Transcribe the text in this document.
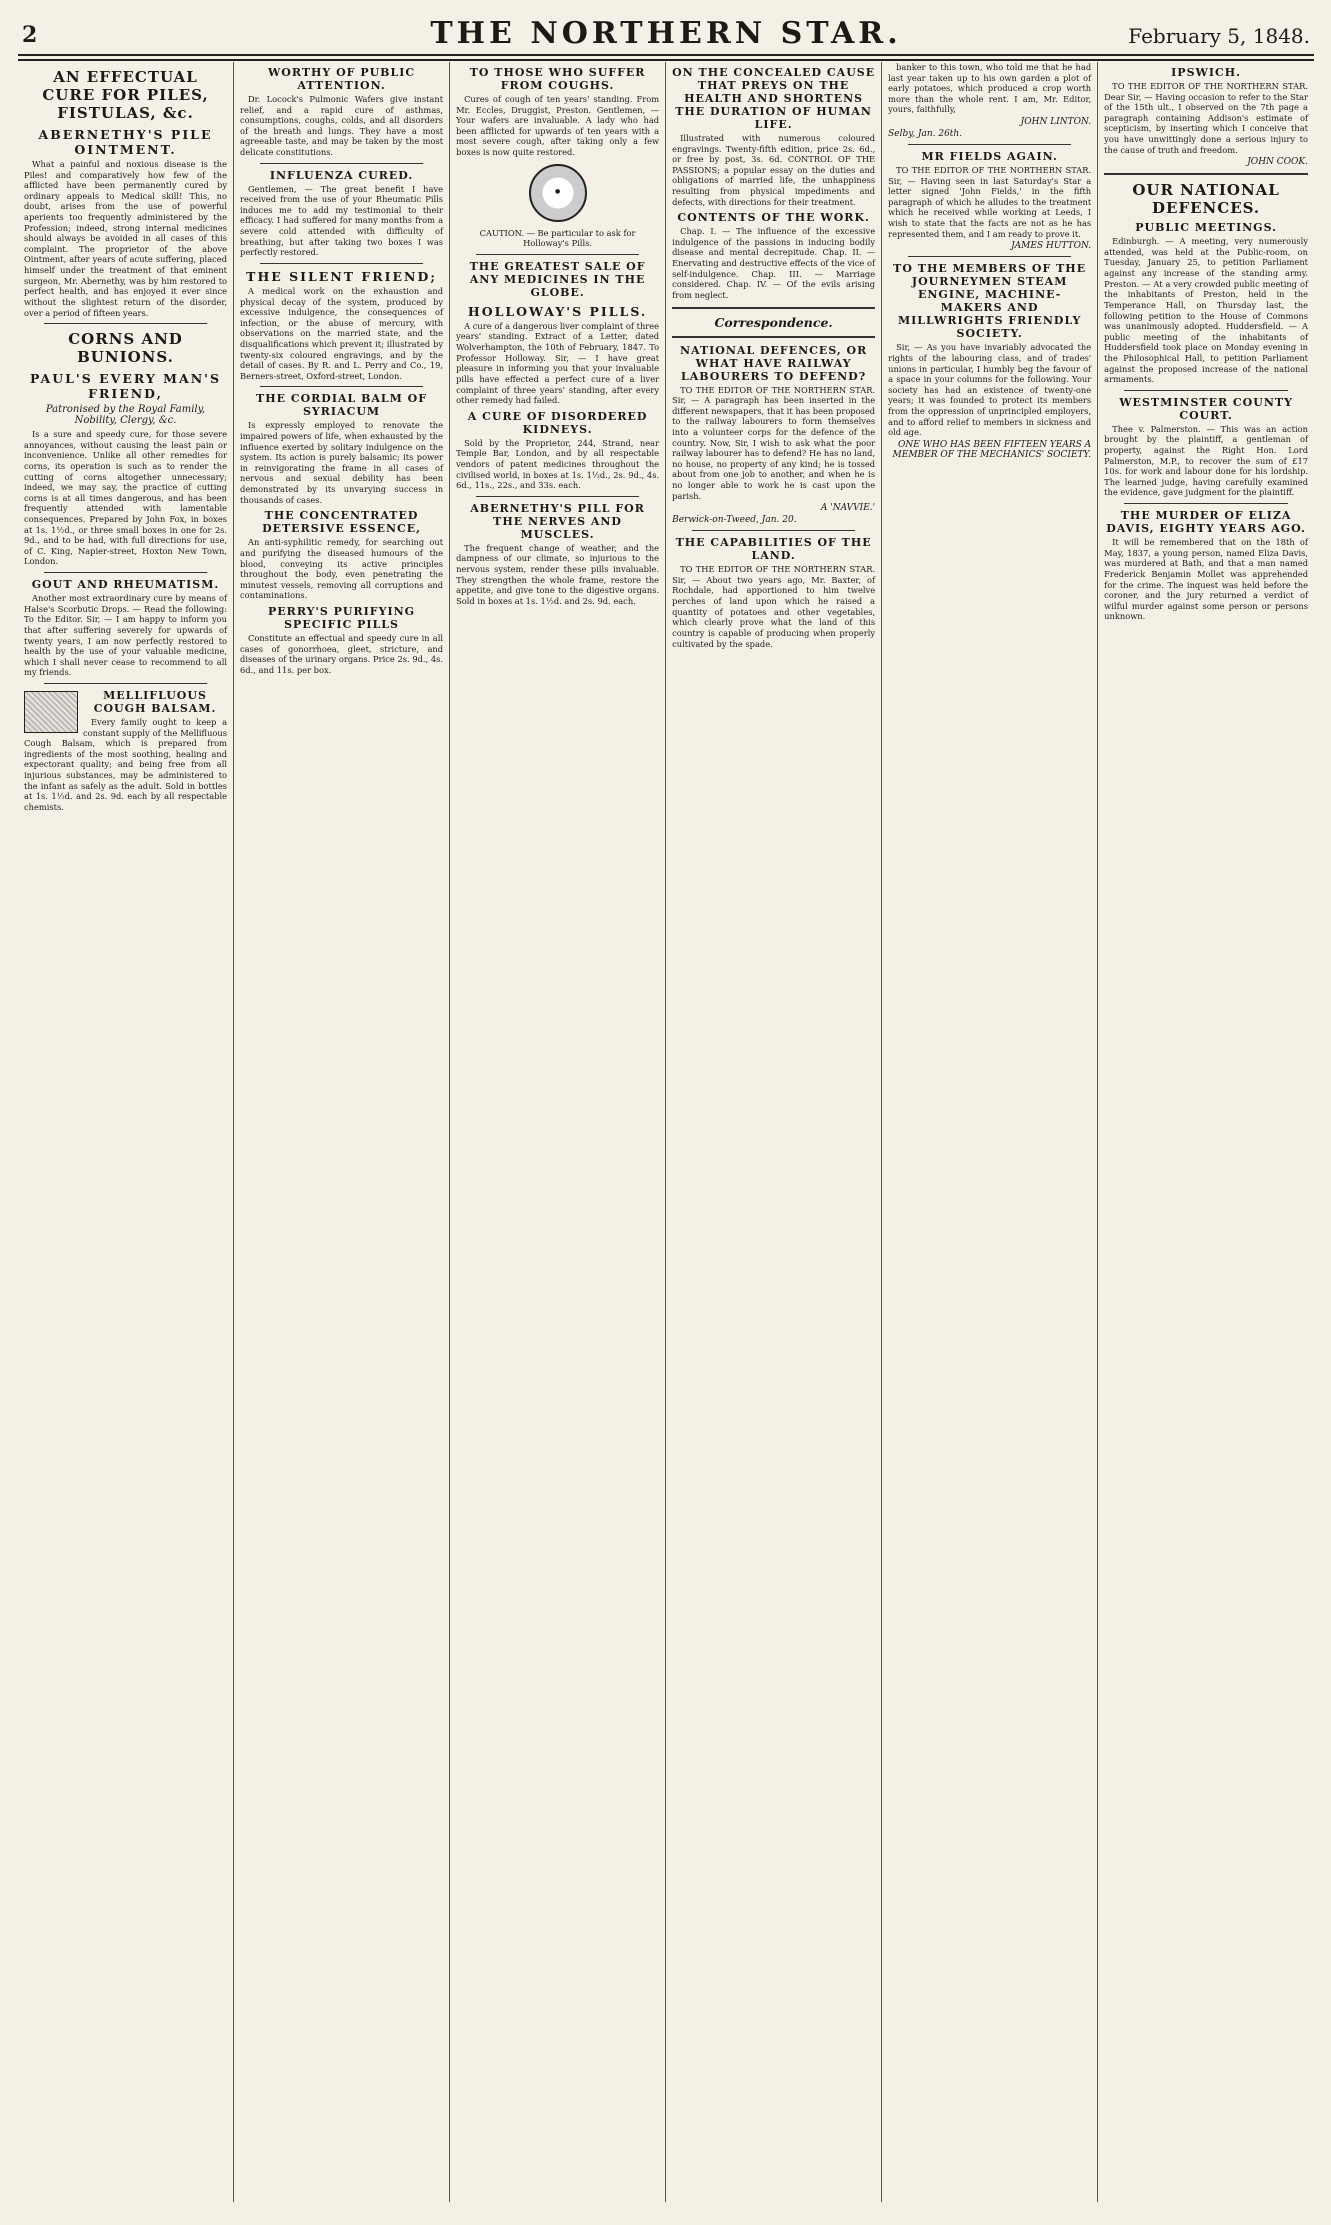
2	THE NORTHERN STAR.	February 5, 1848.
AN EFFECTUAL CURE FOR PILES, FISTULAS, &c.
ABERNETHY'S PILE OINTMENT.

What a painful and noxious disease is the Piles! and comparatively how few of the afflicted have been permanently cured by ordinary appeals to Medical skill! This, no doubt, arises from the use of powerful aperients too frequently administered by the Profession; indeed, strong internal medicines should always be avoided in all cases of this complaint. The proprietor of the above Ointment, after years of acute suffering, placed himself under the treatment of that eminent surgeon, Mr. Abernethy, was by him restored to perfect health, and has enjoyed it ever since without the slightest return of the disorder, over a period of fifteen years.

CORNS AND BUNIONS.
PAUL'S EVERY MAN'S FRIEND,
Patronised by the Royal Family, Nobility, Clergy, &c.

Is a sure and speedy cure, for those severe annoyances, without causing the least pain or inconvenience. Unlike all other remedies for corns, its operation is such as to render the cutting of corns altogether unnecessary; indeed, we may say, the practice of cutting corns is at all times dangerous, and has been frequently attended with lamentable consequences. Prepared by John Fox, in boxes at 1s. 1½d., or three small boxes in one for 2s. 9d., and to be had, with full directions for use, of C. King, Napier-street, Hoxton New Town, London.

GOUT AND RHEUMATISM.

Another most extraordinary cure by means of Halse's Scorbutic Drops. — Read the following: To the Editor. Sir, — I am happy to inform you that after suffering severely for upwards of twenty years, I am now perfectly restored to health by the use of your valuable medicine, which I shall never cease to recommend to all my friends.

MELLIFLUOUS COUGH BALSAM.

Every family ought to keep a constant supply of the Mellifluous Cough Balsam, which is prepared from ingredients of the most soothing, healing and expectorant quality; and being free from all injurious substances, may be administered to the infant as safely as the adult. Sold in bottles at 1s. 1½d. and 2s. 9d. each by all respectable chemists.

WORTHY OF PUBLIC ATTENTION.

Dr. Locock's Pulmonic Wafers give instant relief, and a rapid cure of asthmas, consumptions, coughs, colds, and all disorders of the breath and lungs. They have a most agreeable taste, and may be taken by the most delicate constitutions.

INFLUENZA CURED.

Gentlemen, — The great benefit I have received from the use of your Rheumatic Pills induces me to add my testimonial to their efficacy. I had suffered for many months from a severe cold attended with difficulty of breathing, but after taking two boxes I was perfectly restored.

THE SILENT FRIEND;

A medical work on the exhaustion and physical decay of the system, produced by excessive indulgence, the consequences of infection, or the abuse of mercury, with observations on the married state, and the disqualifications which prevent it; illustrated by twenty-six coloured engravings, and by the detail of cases. By R. and L. Perry and Co., 19, Berners-street, Oxford-street, London.

THE CORDIAL BALM OF SYRIACUM

Is expressly employed to renovate the impaired powers of life, when exhausted by the influence exerted by solitary indulgence on the system. Its action is purely balsamic; its power in reinvigorating the frame in all cases of nervous and sexual debility has been demonstrated by its unvarying success in thousands of cases.

THE CONCENTRATED DETERSIVE ESSENCE,

An anti-syphilitic remedy, for searching out and purifying the diseased humours of the blood, conveying its active principles throughout the body, even penetrating the minutest vessels, removing all corruptions and contaminations.

PERRY'S PURIFYING SPECIFIC PILLS

Constitute an effectual and speedy cure in all cases of gonorrhoea, gleet, stricture, and diseases of the urinary organs. Price 2s. 9d., 4s. 6d., and 11s. per box.

TO THOSE WHO SUFFER FROM COUGHS.

Cures of cough of ten years' standing. From Mr. Eccles, Druggist, Preston. Gentlemen, — Your wafers are invaluable. A lady who had been afflicted for upwards of ten years with a most severe cough, after taking only a few boxes is now quite restored.

●

CAUTION. — Be particular to ask for Holloway's Pills.

THE GREATEST SALE OF ANY MEDICINES IN THE GLOBE.
HOLLOWAY'S PILLS.

A cure of a dangerous liver complaint of three years' standing. Extract of a Letter, dated Wolverhampton, the 10th of February, 1847. To Professor Holloway. Sir, — I have great pleasure in informing you that your invaluable pills have effected a perfect cure of a liver complaint of three years' standing, after every other remedy had failed.

A CURE OF DISORDERED KIDNEYS.

Sold by the Proprietor, 244, Strand, near Temple Bar, London, and by all respectable vendors of patent medicines throughout the civilised world, in boxes at 1s. 1½d., 2s. 9d., 4s. 6d., 11s., 22s., and 33s. each.

ABERNETHY'S PILL FOR THE NERVES AND MUSCLES.

The frequent change of weather, and the dampness of our climate, so injurious to the nervous system, render these pills invaluable. They strengthen the whole frame, restore the appetite, and give tone to the digestive organs. Sold in boxes at 1s. 1½d. and 2s. 9d. each.

ON THE CONCEALED CAUSE THAT PREYS ON THE HEALTH AND SHORTENS THE DURATION OF HUMAN LIFE.

Illustrated with numerous coloured engravings. Twenty-fifth edition, price 2s. 6d., or free by post, 3s. 6d. CONTROL OF THE PASSIONS; a popular essay on the duties and obligations of married life, the unhappiness resulting from physical impediments and defects, with directions for their treatment.

CONTENTS OF THE WORK.

Chap. I. — The influence of the excessive indulgence of the passions in inducing bodily disease and mental decrepitude. Chap. II. — Enervating and destructive effects of the vice of self-indulgence. Chap. III. — Marriage considered. Chap. IV. — Of the evils arising from neglect.

Correspondence.
NATIONAL DEFENCES, OR WHAT HAVE RAILWAY LABOURERS TO DEFEND?

TO THE EDITOR OF THE NORTHERN STAR. Sir, — A paragraph has been inserted in the different newspapers, that it has been proposed to the railway labourers to form themselves into a volunteer corps for the defence of the country. Now, Sir, I wish to ask what the poor railway labourer has to defend? He has no land, no house, no property of any kind; he is tossed about from one job to another, and when he is no longer able to work he is cast upon the parish.

A 'NAVVIE.'
Berwick-on-Tweed, Jan. 20.
THE CAPABILITIES OF THE LAND.

TO THE EDITOR OF THE NORTHERN STAR. Sir, — About two years ago, Mr. Baxter, of Rochdale, had apportioned to him twelve perches of land upon which he raised a quantity of potatoes and other vegetables, which clearly prove what the land of this country is capable of producing when properly cultivated by the spade.

banker to this town, who told me that he had last year taken up to his own garden a plot of early potatoes, which produced a crop worth more than the whole rent. I am, Mr. Editor, yours, faithfully,

JOHN LINTON.
Selby, Jan. 26th.
MR FIELDS AGAIN.

TO THE EDITOR OF THE NORTHERN STAR. Sir, — Having seen in last Saturday's Star a letter signed 'John Fields,' in the fifth paragraph of which he alludes to the treatment which he received while working at Leeds, I wish to state that the facts are not as he has represented them, and I am ready to prove it.

JAMES HUTTON.
TO THE MEMBERS OF THE JOURNEYMEN STEAM ENGINE, MACHINE-MAKERS AND MILLWRIGHTS FRIENDLY SOCIETY.

Sir, — As you have invariably advocated the rights of the labouring class, and of trades' unions in particular, I humbly beg the favour of a space in your columns for the following. Your society has had an existence of twenty-one years; it was founded to protect its members from the oppression of unprincipled employers, and to afford relief to members in sickness and old age.

ONE WHO HAS BEEN FIFTEEN YEARS A MEMBER OF THE MECHANICS' SOCIETY.
IPSWICH.

TO THE EDITOR OF THE NORTHERN STAR. Dear Sir, — Having occasion to refer to the Star of the 15th ult., I observed on the 7th page a paragraph containing Addison's estimate of scepticism, by inserting which I conceive that you have unwittingly done a serious injury to the cause of truth and freedom.

JOHN COOK.
OUR NATIONAL DEFENCES.
PUBLIC MEETINGS.

Edinburgh. — A meeting, very numerously attended, was held at the Public-room, on Tuesday, January 25, to petition Parliament against any increase of the standing army. Preston. — At a very crowded public meeting of the inhabitants of Preston, held in the Temperance Hall, on Thursday last, the following petition to the House of Commons was unanimously adopted. Huddersfield. — A public meeting of the inhabitants of Huddersfield took place on Monday evening in the Philosophical Hall, to petition Parliament against the proposed increase of the national armaments.

WESTMINSTER COUNTY COURT.

Thee v. Palmerston. — This was an action brought by the plaintiff, a gentleman of property, against the Right Hon. Lord Palmerston, M.P., to recover the sum of £17 10s. for work and labour done for his lordship. The learned judge, having carefully examined the evidence, gave judgment for the plaintiff.

THE MURDER OF ELIZA DAVIS, EIGHTY YEARS AGO.

It will be remembered that on the 18th of May, 1837, a young person, named Eliza Davis, was murdered at Bath, and that a man named Frederick Benjamin Mollet was apprehended for the crime. The inquest was held before the coroner, and the jury returned a verdict of wilful murder against some person or persons unknown.
